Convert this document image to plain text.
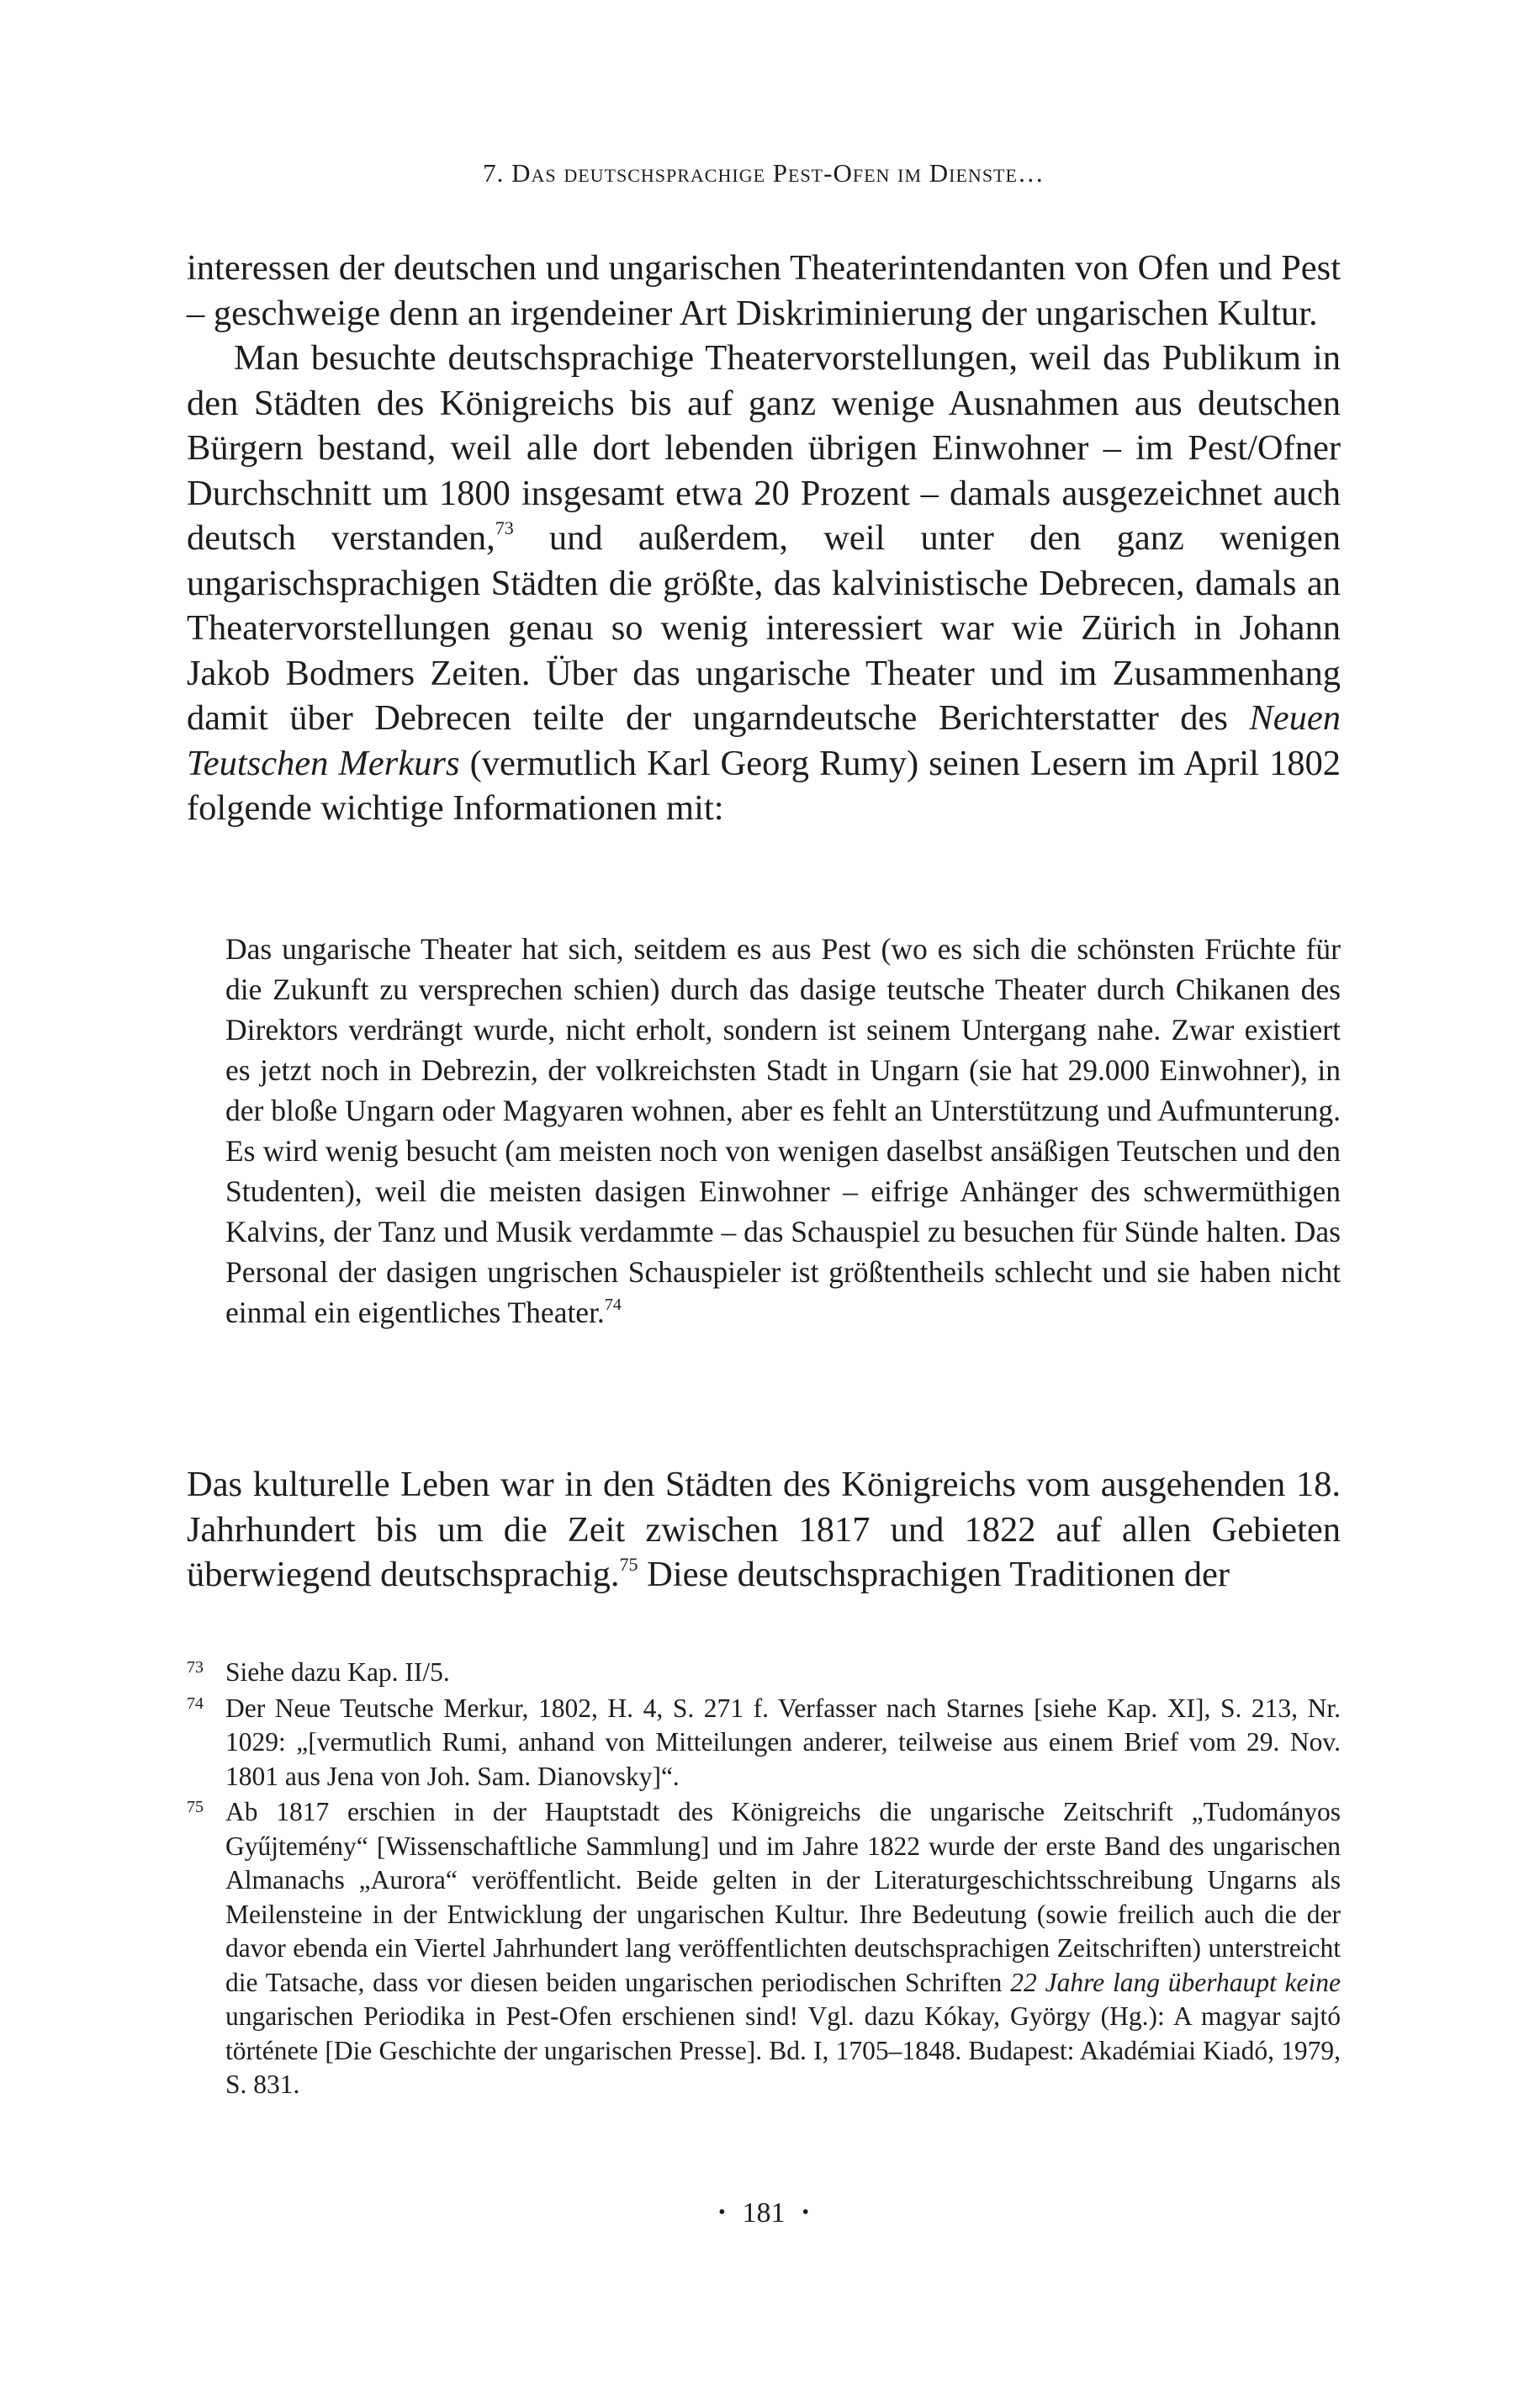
7. Das deutschsprachige Pest-Ofen im Dienste…

interessen der deutschen und ungarischen Theaterintendanten von Ofen und Pest – geschweige denn an irgendeiner Art Diskriminierung der ungarischen Kultur.

Man besuchte deutschsprachige Theatervorstellungen, weil das Publikum in den Städten des Königreichs bis auf ganz wenige Ausnahmen aus deutschen Bürgern bestand, weil alle dort lebenden übrigen Einwohner – im Pest/Ofner Durchschnitt um 1800 insgesamt etwa 20 Prozent – damals ausgezeichnet auch deutsch verstanden,$^{73}$ und außerdem, weil unter den ganz wenigen ungarischsprachigen Städten die größte, das kalvinistische Debrecen, damals an Theatervorstellungen genau so wenig interessiert war wie Zürich in Johann Jakob Bodmers Zeiten. Über das ungarische Theater und im Zusammenhang damit über Debrecen teilte der ungarndeutsche Berichterstatter des Neuen Teutschen Merkurs (vermutlich Karl Georg Rumy) seinen Lesern im April 1802 folgende wichtige Informationen mit:

Das ungarische Theater hat sich, seitdem es aus Pest (wo es sich die schönsten Früchte für die Zukunft zu versprechen schien) durch das dasige teutsche Theater durch Chikanen des Direktors verdrängt wurde, nicht erholt, sondern ist seinem Untergang nahe. Zwar existiert es jetzt noch in Debrezin, der volkreichsten Stadt in Ungarn (sie hat 29.000 Einwohner), in der bloße Ungarn oder Magyaren wohnen, aber es fehlt an Unterstützung und Aufmunterung. Es wird wenig besucht (am meisten noch von wenigen daselbst ansäßigen Teutschen und den Studenten), weil die meisten dasigen Einwohner – eifrige Anhänger des schwermüthigen Kalvins, der Tanz und Musik verdammte – das Schauspiel zu besuchen für Sünde halten. Das Personal der dasigen ungrischen Schauspieler ist größtentheils schlecht und sie haben nicht einmal ein eigentliches Theater.$^{74}$

Das kulturelle Leben war in den Städten des Königreichs vom ausgehenden 18. Jahrhundert bis um die Zeit zwischen 1817 und 1822 auf allen Gebieten überwiegend deutschsprachig.$^{75}$ Diese deutschsprachigen Traditionen der

73 Siehe dazu Kap. II/5.

74 Der Neue Teutsche Merkur, 1802, H. 4, S. 271 f. Verfasser nach Starnes [siehe Kap. XI], S. 213, Nr. 1029: „[vermutlich Rumi, anhand von Mitteilungen anderer, teilweise aus einem Brief vom 29. Nov. 1801 aus Jena von Joh. Sam. Dianovsky]“.

75 Ab 1817 erschien in der Hauptstadt des Königreichs die ungarische Zeitschrift „Tudományos Gyűjtemény“ [Wissenschaftliche Sammlung] und im Jahre 1822 wurde der erste Band des ungarischen Almanachs „Aurora“ veröffentlicht. Beide gelten in der Literaturgeschichtsschreibung Ungarns als Meilensteine in der Entwicklung der ungarischen Kultur. Ihre Bedeutung (sowie freilich auch die der davor ebenda ein Viertel Jahrhundert lang veröffentlichten deutschsprachigen Zeitschriften) unterstreicht die Tatsache, dass vor diesen beiden ungarischen periodischen Schriften 22 Jahre lang überhaupt keine ungarischen Periodika in Pest-Ofen erschienen sind! Vgl. dazu Kókay, György (Hg.): A magyar sajtó története [Die Geschichte der ungarischen Presse]. Bd. I, 1705–1848. Budapest: Akadémiai Kiadó, 1979, S. 831.

• 181 •
